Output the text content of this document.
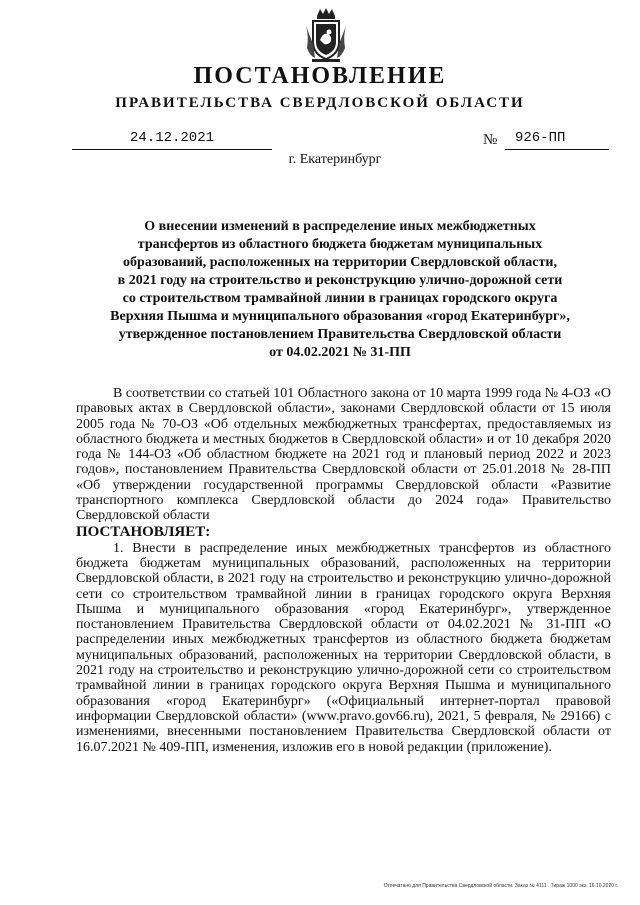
ПОСТАНОВЛЕНИЕ
ПРАВИТЕЛЬСТВА СВЕРДЛОВСКОЙ ОБЛАСТИ
24.12.2021	№	926-ПП
г. Екатеринбург
О внесении изменений в распределение иных межбюджетных
трансфертов из областного бюджета бюджетам муниципальных
образований, расположенных на территории Свердловской области,
в 2021 году на строительство и реконструкцию улично-дорожной сети
со строительством трамвайной линии в границах городского округа
Верхняя Пышма и муниципального образования «город Екатеринбург»,
утвержденное постановлением Правительства Свердловской области
от 04.02.2021 № 31-ПП

В соответствии со статьей 101 Областного закона от 10 марта 1999 года № 4-ОЗ «О правовых актах в Свердловской области», законами Свердловской области от 15 июля 2005 года № 70-ОЗ «Об отдельных межбюджетных трансфертах, предоставляемых из областного бюджета и местных бюджетов в Свердловской области» и от 10 декабря 2020 года № 144-ОЗ «Об областном бюджете на 2021 год и плановый период 2022 и 2023 годов», постановлением Правительства Свердловской области от 25.01.2018 № 28-ПП «Об утверждении государственной программы Свердловской области «Развитие транспортного комплекса Свердловской области до 2024 года» Правительство Свердловской области

ПОСТАНОВЛЯЕТ:

1. Внести в распределение иных межбюджетных трансфертов из областного бюджета бюджетам муниципальных образований, расположенных на территории Свердловской области, в 2021 году на строительство и реконструкцию улично-дорожной сети со строительством трамвайной линии в границах городского округа Верхняя Пышма и муниципального образования «город Екатеринбург», утвержденное постановлением Правительства Свердловской области от 04.02.2021 № 31-ПП «О распределении иных межбюджетных трансфертов из областного бюджета бюджетам муниципальных образований, расположенных на территории Свердловской области, в 2021 году на строительство и реконструкцию улично-дорожной сети со строительством трамвайной линии в границах городского округа Верхняя Пышма и муниципального образования «город Екатеринбург» («Официальный интернет-портал правовой информации Свердловской области» (www.pravo.gov66.ru), 2021, 5 февраля, № 29166) с изменениями, внесенными постановлением Правительства Свердловской области от 16.07.2021 № 409-ПП, изменения, изложив его в новой редакции (приложение).

Отпечатано для Правительства Свердловской области. Заказ № 4111 . Тираж 1000 экз. 16.10.2020 г.
